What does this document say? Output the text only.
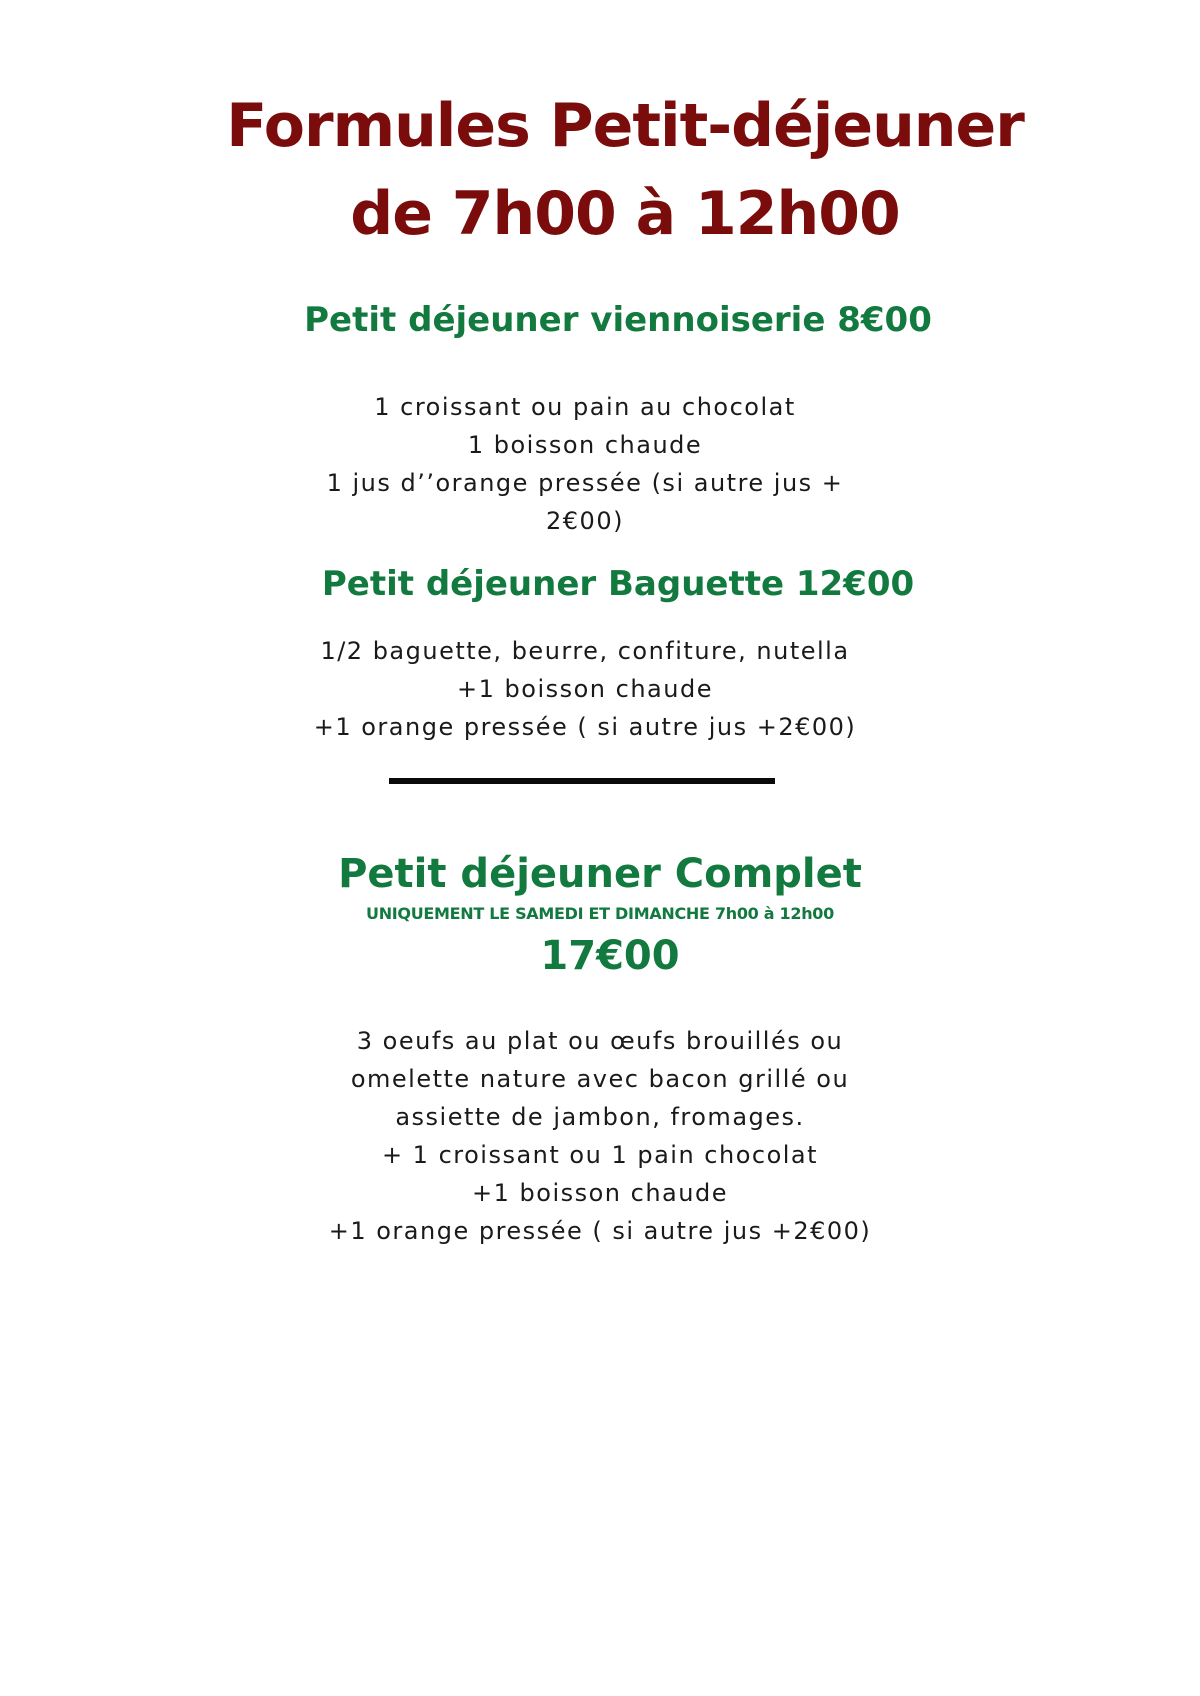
Formules Petit-déjeuner
de 7h00 à 12h00
Petit déjeuner viennoiserie 8€00
1 croissant ou pain au chocolat
1 boisson chaude
1 jus d’’orange pressée (si autre jus +
2€00)
Petit déjeuner Baguette 12€00
1/2 baguette, beurre, confiture, nutella
+1 boisson chaude
+1 orange pressée ( si autre jus +2€00)
Petit déjeuner Complet

UNIQUEMENT LE SAMEDI ET DIMANCHE 7h00 à 12h00

17€00

3 oeufs au plat ou œufs brouillés ou
omelette nature avec bacon grillé ou
assiette de jambon, fromages.
+ 1 croissant ou 1 pain chocolat
+1 boisson chaude
+1 orange pressée ( si autre jus +2€00)
